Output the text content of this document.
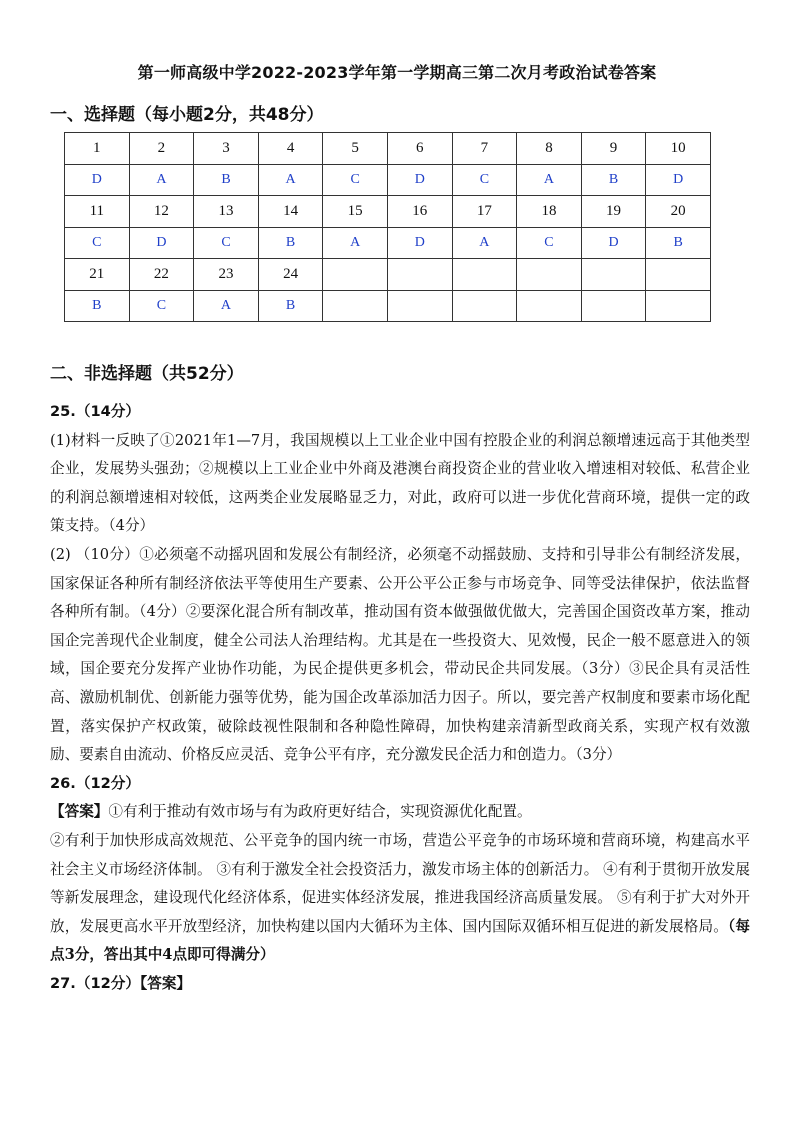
第一师高级中学2022-2023学年第一学期高三第二次月考政治试卷答案
一、选择题（每小题2分，共48分）
1	2	3	4	5	6	7	8	9	10
D	A	B	A	C	D	C	A	B	D
11	12	13	14	15	16	17	18	19	20
C	D	C	B	A	D	A	C	D	B
21	22	23	24						
B	C	A	B						
二、非选择题（共52分）

25.（14分）

(1)材料一反映了①2021年1—7月，我国规模以上工业企业中国有控股企业的利润总额增速远高于其他类型企业，发展势头强劲；②规模以上工业企业中外商及港澳台商投资企业的营业收入增速相对较低、私营企业的利润总额增速相对较低，这两类企业发展略显乏力，对此，政府可以进一步优化营商环境，提供一定的政策支持。（4分）

(2) （10分）①必须毫不动摇巩固和发展公有制经济，必须毫不动摇鼓励、支持和引导非公有制经济发展，国家保证各种所有制经济依法平等使用生产要素、公开公平公正参与市场竞争、同等受法律保护，依法监督各种所有制。（4分）②要深化混合所有制改革，推动国有资本做强做优做大，完善国企国资改革方案，推动国企完善现代企业制度，健全公司法人治理结构。尤其是在一些投资大、见效慢，民企一般不愿意进入的领域，国企要充分发挥产业协作功能，为民企提供更多机会，带动民企共同发展。（3分）③民企具有灵活性高、激励机制优、创新能力强等优势，能为国企改革添加活力因子。所以，要完善产权制度和要素市场化配置，落实保护产权政策，破除歧视性限制和各种隐性障碍，加快构建亲清新型政商关系，实现产权有效激励、要素自由流动、价格反应灵活、竞争公平有序，充分激发民企活力和创造力。（3分）

26.（12分）

【答案】①有利于推动有效市场与有为政府更好结合，实现资源优化配置。

②有利于加快形成高效规范、公平竞争的国内统一市场，营造公平竞争的市场环境和营商环境，构建高水平社会主义市场经济体制。 ③有利于激发全社会投资活力，激发市场主体的创新活力。 ④有利于贯彻开放发展等新发展理念，建设现代化经济体系，促进实体经济发展，推进我国经济高质量发展。 ⑤有利于扩大对外开放，发展更高水平开放型经济，加快构建以国内大循环为主体、国内国际双循环相互促进的新发展格局。（每点3分，答出其中4点即可得满分）

27.（12分）【答案】
